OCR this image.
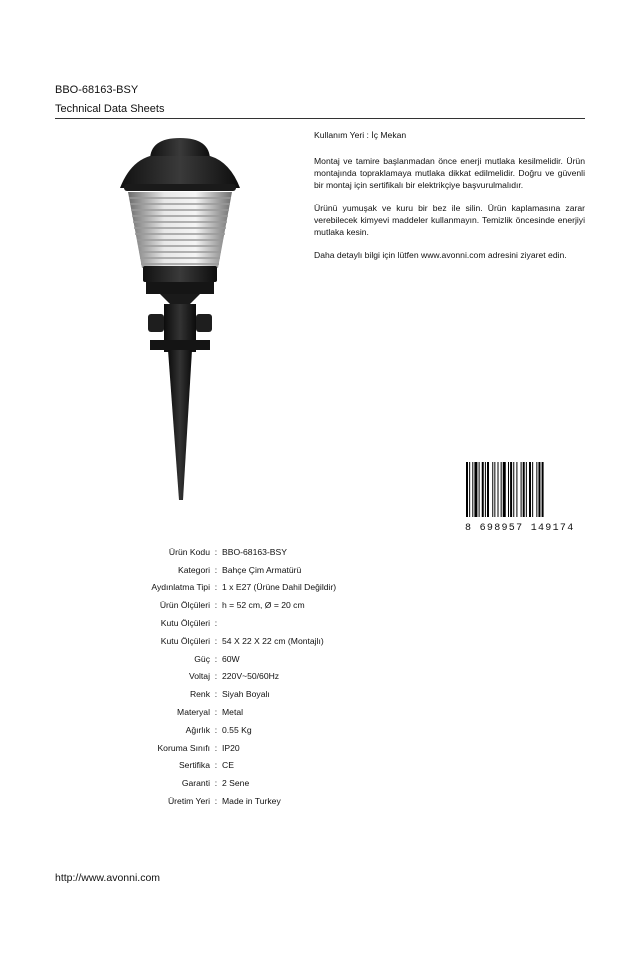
BBO-68163-BSY
Technical Data Sheets

Kullanım Yeri : İç Mekan

Montaj ve tamire başlanmadan önce enerji mutlaka kesilmelidir. Ürün montajında topraklamaya mutlaka dikkat edilmelidir. Doğru ve güvenli bir montaj için sertifikalı bir elektrikçiye başvurulmalıdır.

Ürünü yumuşak ve kuru bir bez ile silin. Ürün kaplamasına zarar verebilecek kimyevi maddeler kullanmayın. Temizlik öncesinde enerjiyi mutlaka kesin.

Daha detaylı bilgi için lütfen www.avonni.com adresini ziyaret edin.

8 698957 149174
Ürün Kodu : BBO-68163-BSY
Kategori : Bahçe Çim Armatürü
Aydınlatma Tipi : 1 x E27 (Ürüne Dahil Değildir)
Ürün Ölçüleri : h = 52 cm, Ø = 20 cm
Kutu Ölçüleri :
Kutu Ölçüleri : 54 X 22 X 22 cm (Montajlı)
Güç : 60W
Voltaj : 220V~50/60Hz
Renk : Siyah Boyalı
Materyal : Metal
Ağırlık : 0.55 Kg
Koruma Sınıfı : IP20
Sertifika : CE
Garanti : 2 Sene
Üretim Yeri : Made in Turkey
http://www.avonni.com
